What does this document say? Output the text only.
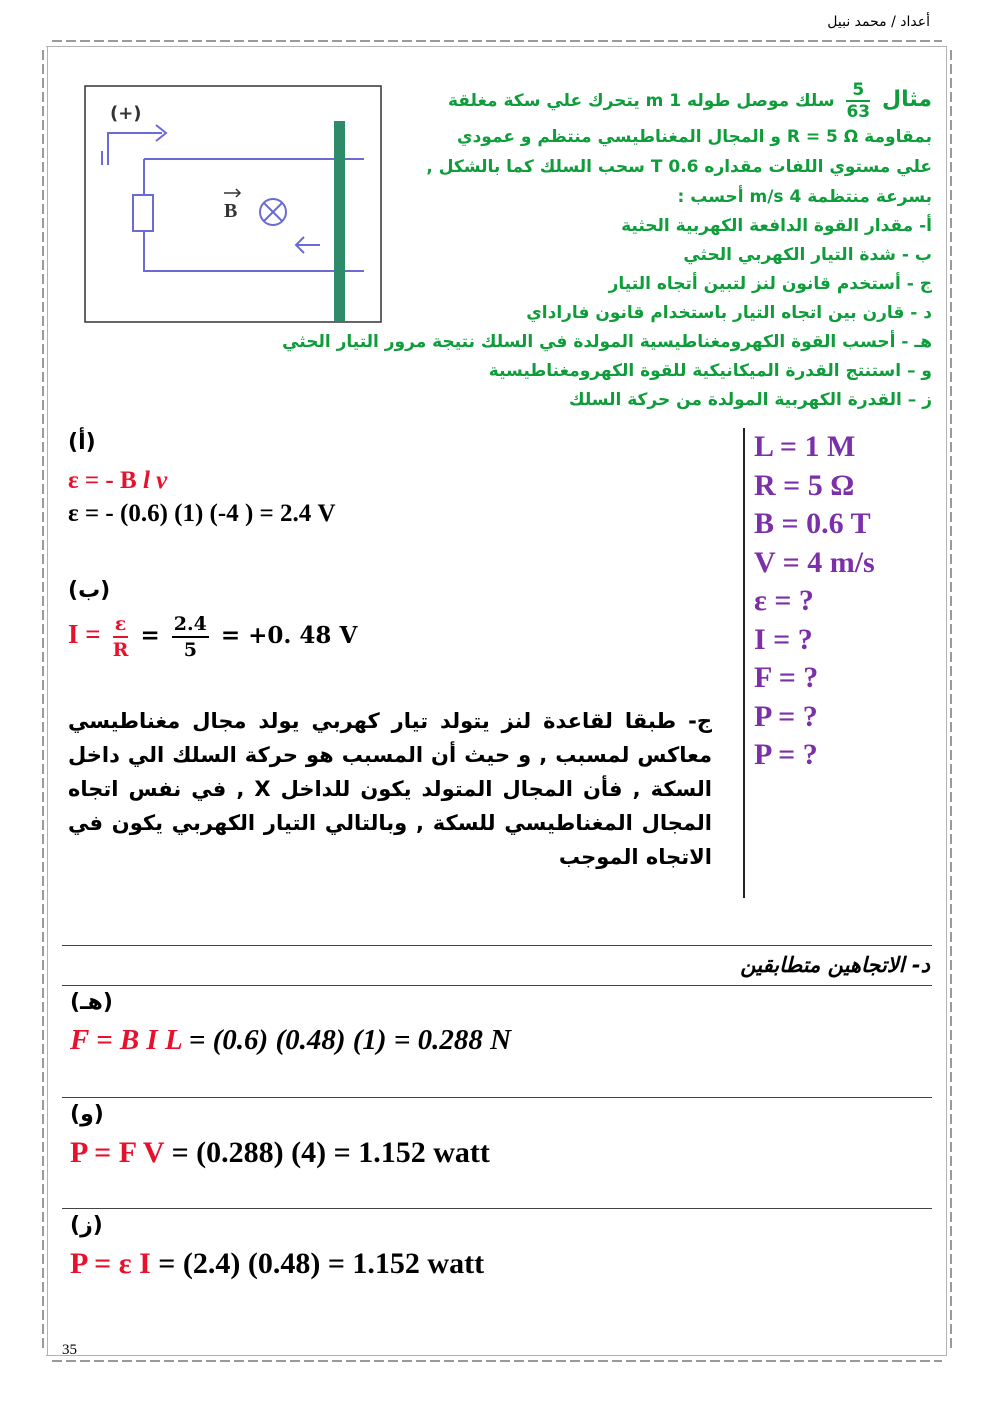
أعداد / محمد نبيل
(+)
B
مثال
$\frac{5}{63}$
سلك موصل طوله 1 m يتحرك علي سكة مغلقة
بمقاومة R = 5 Ω و المجال المغناطيسي منتظم و عمودي
علي مستوي اللفات مقداره 0.6 T سحب السلك كما بالشكل ,
بسرعة منتظمة 4 m/s أحسب :
أ- مقدار القوة الدافعة الكهربية الحثية
ب - شدة التيار الكهربي الحثي
ج - أستخدم قانون لنز لتبين أتجاه التيار
د - قارن بين اتجاه التيار باستخدام قانون فاراداي
هـ - أحسب القوة الكهرومغناطيسية المولدة في السلك نتيجة مرور التيار الحثي
و – استنتج القدرة الميكانيكية للقوة الكهرومغناطيسية
ز – القدرة الكهربية المولدة من حركة السلك
L = 1 M
R = 5 Ω
B = 0.6 T
V = 4 m/s
ε = ?
I = ?
F = ?
P = ?
P = ?
(أ)
ε = - B l v
ε = - (0.6) (1) (-4 ) = 2.4 V
(ب)
$I = \frac{\varepsilon}{R} = \frac{2.4}{5} = +0$. 48 V
ج- طبقا لقاعدة لنز يتولد تيار كهربي يولد مجال مغناطيسي معاكس لمسبب , و حيث أن المسبب هو حركة السلك الي داخل السكة , فأن المجال المتولد يكون للداخل X , في نفس اتجاه المجال المغناطيسي للسكة , وبالتالي التيار الكهربي يكون في الاتجاه الموجب
د- الاتجاهين متطابقين
(هـ)
F = B I L = (0.6) (0.48) (1) = 0.288 N
(و)
P = F V = (0.288) (4) = 1.152 watt
(ز)
P = ε I = (2.4) (0.48) = 1.152 watt
35
